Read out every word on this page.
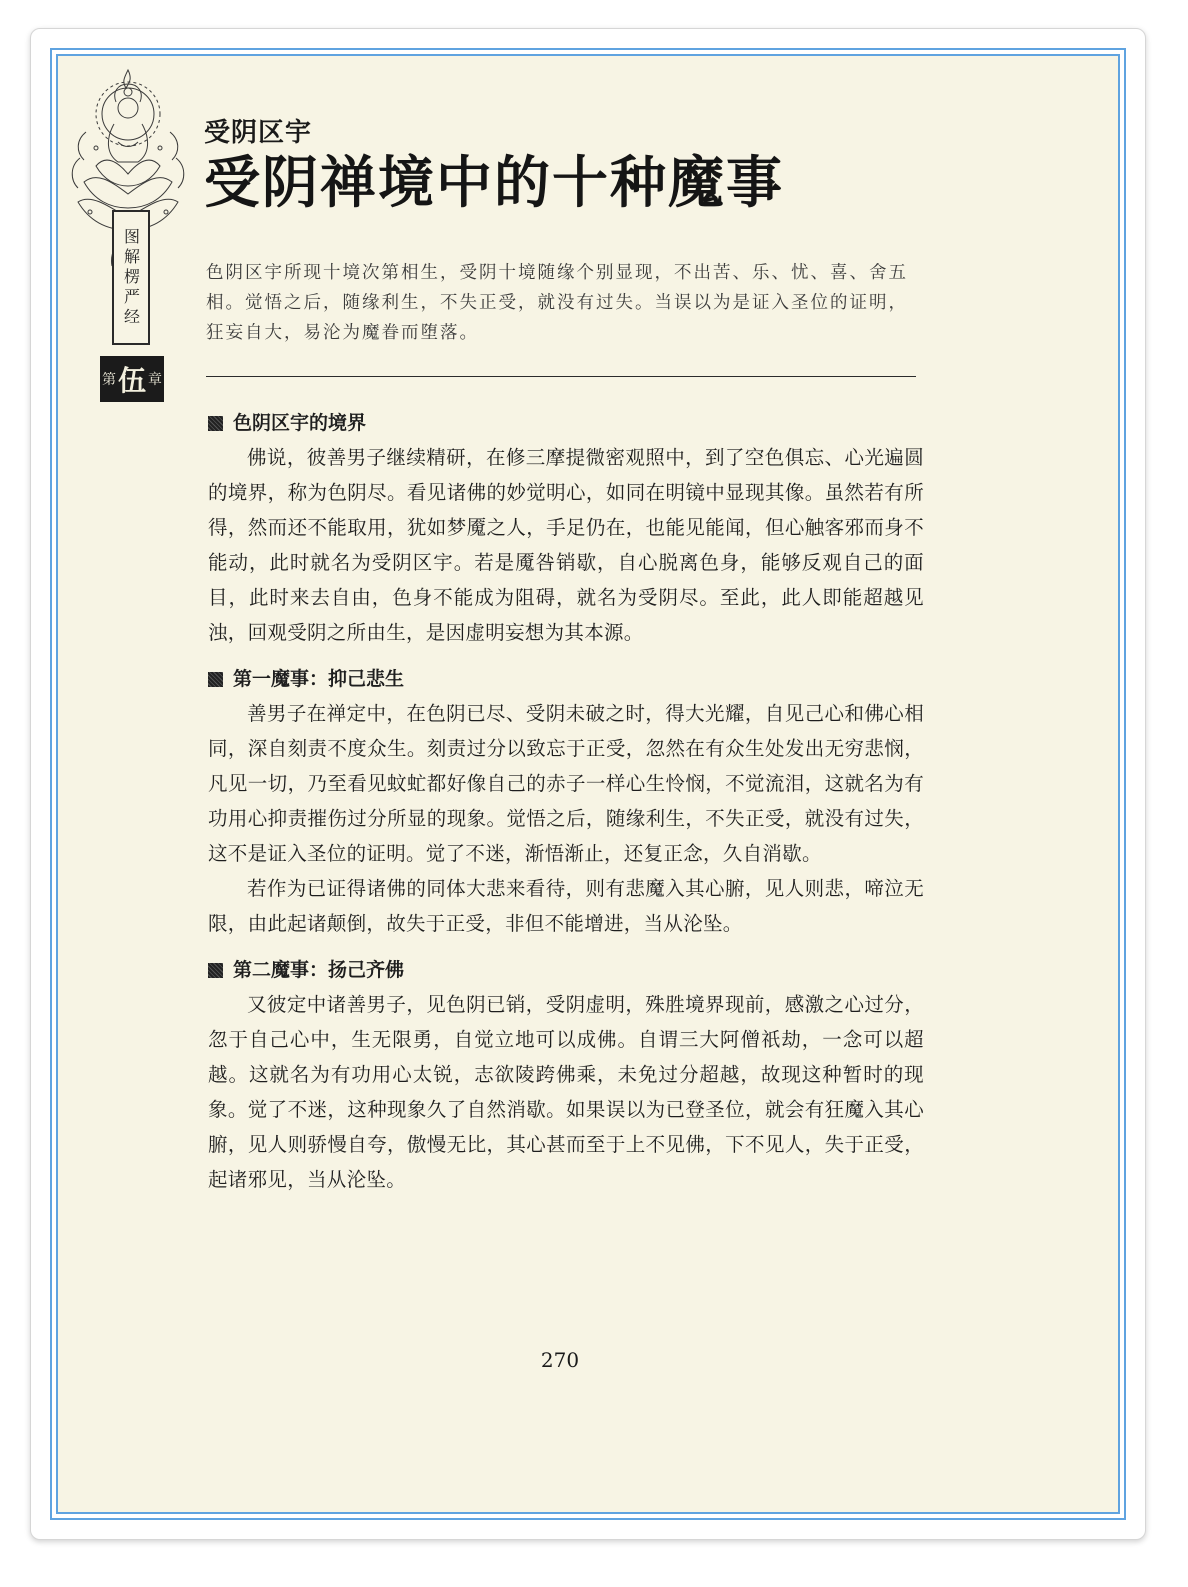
图解楞严经
第 伍 章
受阴区宇
受阴禅境中的十种魔事
色阴区宇所现十境次第相生，受阴十境随缘个别显现，不出苦、乐、忧、喜、舍五相。觉悟之后，随缘利生，不失正受，就没有过失。当误以为是证入圣位的证明，狂妄自大，易沦为魔眷而堕落。
色阴区宇的境界

佛说，彼善男子继续精研，在修三摩提微密观照中，到了空色俱忘、心光遍圆的境界，称为色阴尽。看见诸佛的妙觉明心，如同在明镜中显现其像。虽然若有所得，然而还不能取用，犹如梦魇之人，手足仍在，也能见能闻，但心触客邪而身不能动，此时就名为受阴区宇。若是魇咎销歇，自心脱离色身，能够反观自己的面目，此时来去自由，色身不能成为阻碍，就名为受阴尽。至此，此人即能超越见浊，回观受阴之所由生，是因虚明妄想为其本源。

第一魔事：抑己悲生

善男子在禅定中，在色阴已尽、受阴未破之时，得大光耀，自见己心和佛心相同，深自刻责不度众生。刻责过分以致忘于正受，忽然在有众生处发出无穷悲悯，凡见一切，乃至看见蚊虻都好像自己的赤子一样心生怜悯，不觉流泪，这就名为有功用心抑责摧伤过分所显的现象。觉悟之后，随缘利生，不失正受，就没有过失，这不是证入圣位的证明。觉了不迷，渐悟渐止，还复正念，久自消歇。

若作为已证得诸佛的同体大悲来看待，则有悲魔入其心腑，见人则悲，啼泣无限，由此起诸颠倒，故失于正受，非但不能增进，当从沦坠。

第二魔事：扬己齐佛

又彼定中诸善男子，见色阴已销，受阴虚明，殊胜境界现前，感激之心过分，忽于自己心中，生无限勇，自觉立地可以成佛。自谓三大阿僧祇劫，一念可以超越。这就名为有功用心太锐，志欲陵跨佛乘，未免过分超越，故现这种暂时的现象。觉了不迷，这种现象久了自然消歇。如果误以为已登圣位，就会有狂魔入其心腑，见人则骄慢自夸，傲慢无比，其心甚而至于上不见佛，下不见人，失于正受，起诸邪见，当从沦坠。

270
